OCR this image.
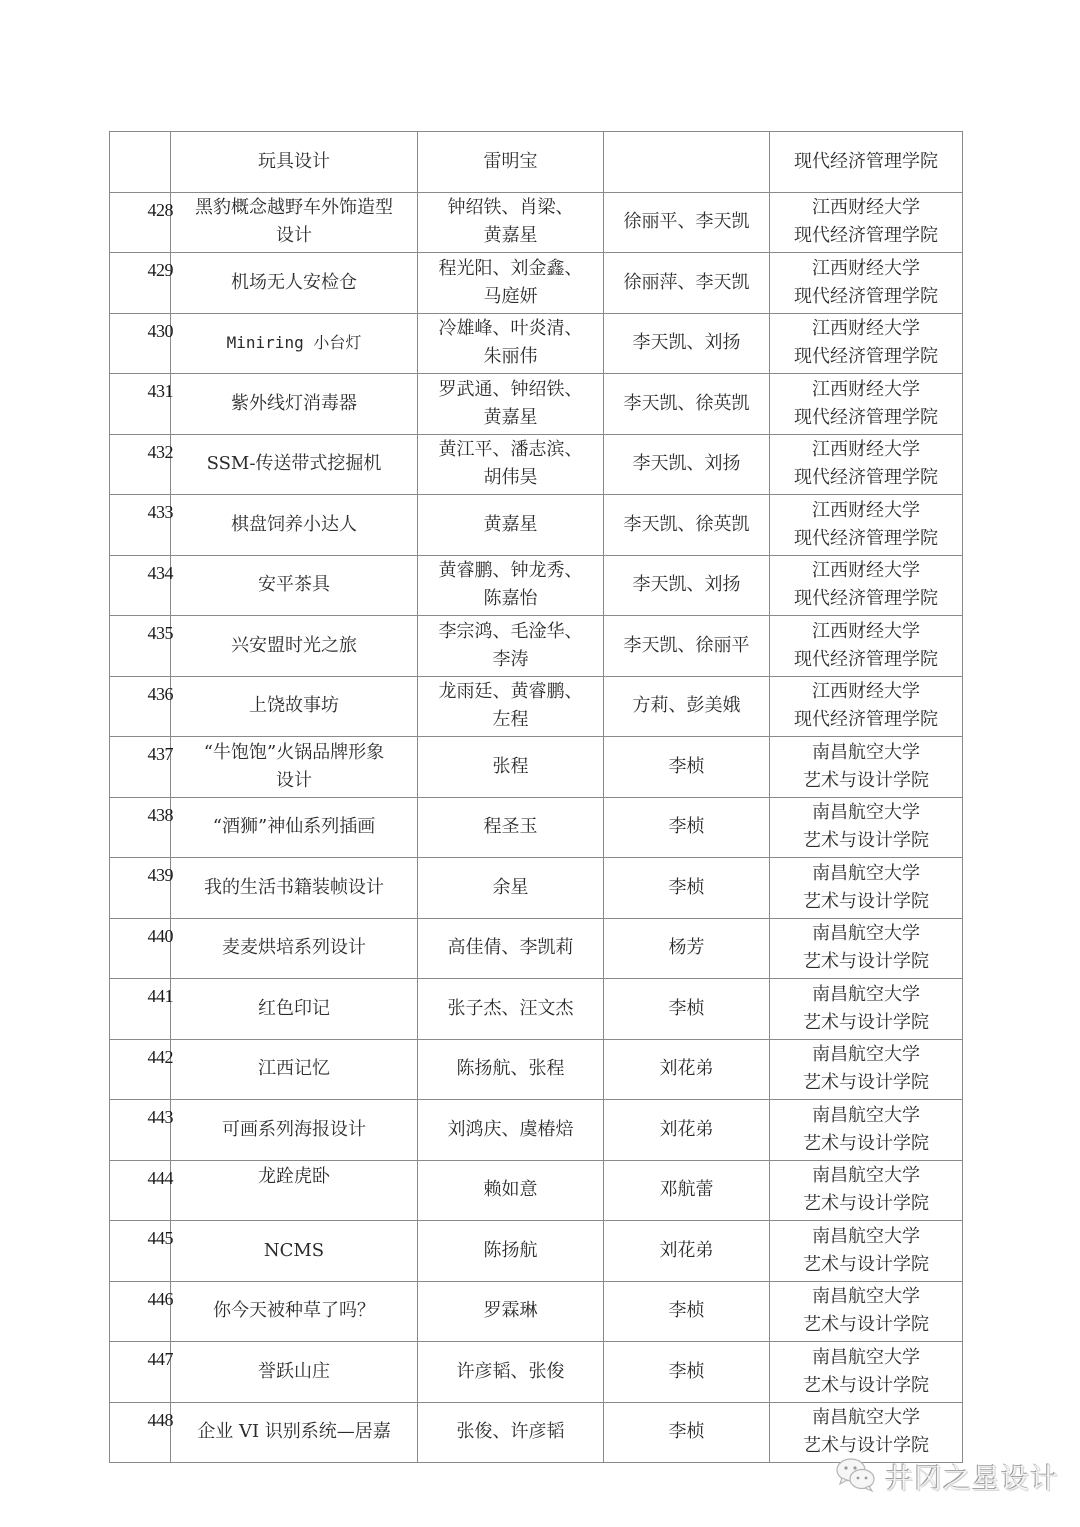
	玩具设计	雷明宝		现代经济管理学院
428	黑豹概念越野车外饰造型
设计	钟绍铁、肖梁、
黄嘉星	徐丽平、李天凯	江西财经大学
现代经济管理学院

429	机场无人安检仓	程光阳、刘金鑫、
马庭妍	徐丽萍、李天凯	江西财经大学
现代经济管理学院

430	Miniring 小台灯	冷雄峰、叶炎清、
朱丽伟	李天凯、刘扬	江西财经大学
现代经济管理学院

431	紫外线灯消毒器	罗武通、钟绍铁、
黄嘉星	李天凯、徐英凯	江西财经大学
现代经济管理学院

432	SSM-传送带式挖掘机	黄江平、潘志滨、
胡伟昊	李天凯、刘扬	江西财经大学
现代经济管理学院

433	棋盘饲养小达人	黄嘉星	李天凯、徐英凯	江西财经大学
现代经济管理学院

434	安平茶具	黄睿鹏、钟龙秀、
陈嘉怡	李天凯、刘扬	江西财经大学
现代经济管理学院

435	兴安盟时光之旅	李宗鸿、毛淦华、
李涛	李天凯、徐丽平	江西财经大学
现代经济管理学院

436	上饶故事坊	龙雨廷、黄睿鹏、
左程	方莉、彭美娥	江西财经大学
现代经济管理学院

437	“牛饱饱”火锅品牌形象
设计	张程	李桢	南昌航空大学
艺术与设计学院

438	“酒狮”神仙系列插画	程圣玉	李桢	南昌航空大学
艺术与设计学院

439	我的生活书籍装帧设计	余星	李桢	南昌航空大学
艺术与设计学院

440	麦麦烘培系列设计	高佳倩、李凯莉	杨芳	南昌航空大学
艺术与设计学院

441	红色印记	张子杰、汪文杰	李桢	南昌航空大学
艺术与设计学院

442	江西记忆	陈扬航、张程	刘花弟	南昌航空大学
艺术与设计学院

443	可画系列海报设计	刘鸿庆、虞椿焙	刘花弟	南昌航空大学
艺术与设计学院

444	龙跧虎卧	赖如意	邓航蕾	南昌航空大学
艺术与设计学院

445	NCMS	陈扬航	刘花弟	南昌航空大学
艺术与设计学院

446	你今天被种草了吗？	罗霖琳	李桢	南昌航空大学
艺术与设计学院

447	誉跃山庄	许彦韬、张俊	李桢	南昌航空大学
艺术与设计学院

448	企业 VI 识别系统—居嘉	张俊、许彦韬	李桢	南昌航空大学
艺术与设计学院
井冈之星设计
